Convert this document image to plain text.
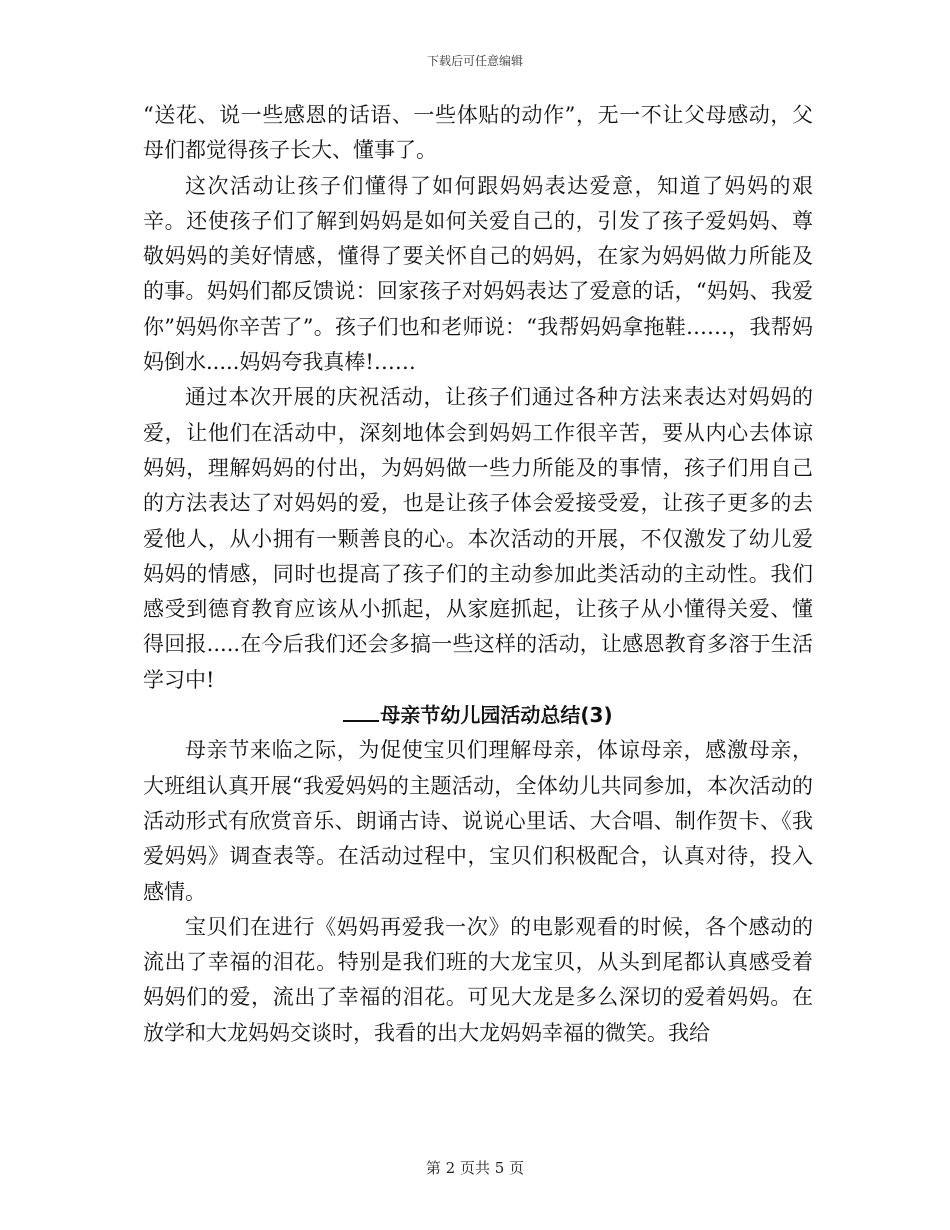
下载后可任意编辑

“送花、说一些感恩的话语、一些体贴的动作”，无一不让父母感动，父母们都觉得孩子长大、懂事了。

这次活动让孩子们懂得了如何跟妈妈表达爱意，知道了妈妈的艰辛。还使孩子们了解到妈妈是如何关爱自己的，引发了孩子爱妈妈、尊敬妈妈的美好情感，懂得了要关怀自己的妈妈，在家为妈妈做力所能及的事。妈妈们都反馈说：回家孩子对妈妈表达了爱意的话，“妈妈、我爱你”妈妈你辛苦了”。孩子们也和老师说：“我帮妈妈拿拖鞋……，我帮妈妈倒水.....妈妈夸我真棒!……

通过本次开展的庆祝活动，让孩子们通过各种方法来表达对妈妈的爱，让他们在活动中，深刻地体会到妈妈工作很辛苦，要从内心去体谅妈妈，理解妈妈的付出，为妈妈做一些力所能及的事情，孩子们用自己的方法表达了对妈妈的爱，也是让孩子体会爱接受爱，让孩子更多的去爱他人，从小拥有一颗善良的心。本次活动的开展，不仅激发了幼儿爱妈妈的情感，同时也提高了孩子们的主动参加此类活动的主动性。我们感受到德育教育应该从小抓起，从家庭抓起，让孩子从小懂得关爱、懂得回报.....在今后我们还会多搞一些这样的活动，让感恩教育多溶于生活学习中!

母亲节幼儿园活动总结(3)

母亲节来临之际，为促使宝贝们理解母亲，体谅母亲，感激母亲，大班组认真开展“我爱妈妈的主题活动，全体幼儿共同参加，本次活动的活动形式有欣赏音乐、朗诵古诗、说说心里话、大合唱、制作贺卡、《我爱妈妈》调查表等。在活动过程中，宝贝们积极配合，认真对待，投入感情。

宝贝们在进行《妈妈再爱我一次》的电影观看的时候，各个感动的流出了幸福的泪花。特别是我们班的大龙宝贝，从头到尾都认真感受着妈妈们的爱，流出了幸福的泪花。可见大龙是多么深切的爱着妈妈。在放学和大龙妈妈交谈时，我看的出大龙妈妈幸福的微笑。我给

第 2 页共 5 页
